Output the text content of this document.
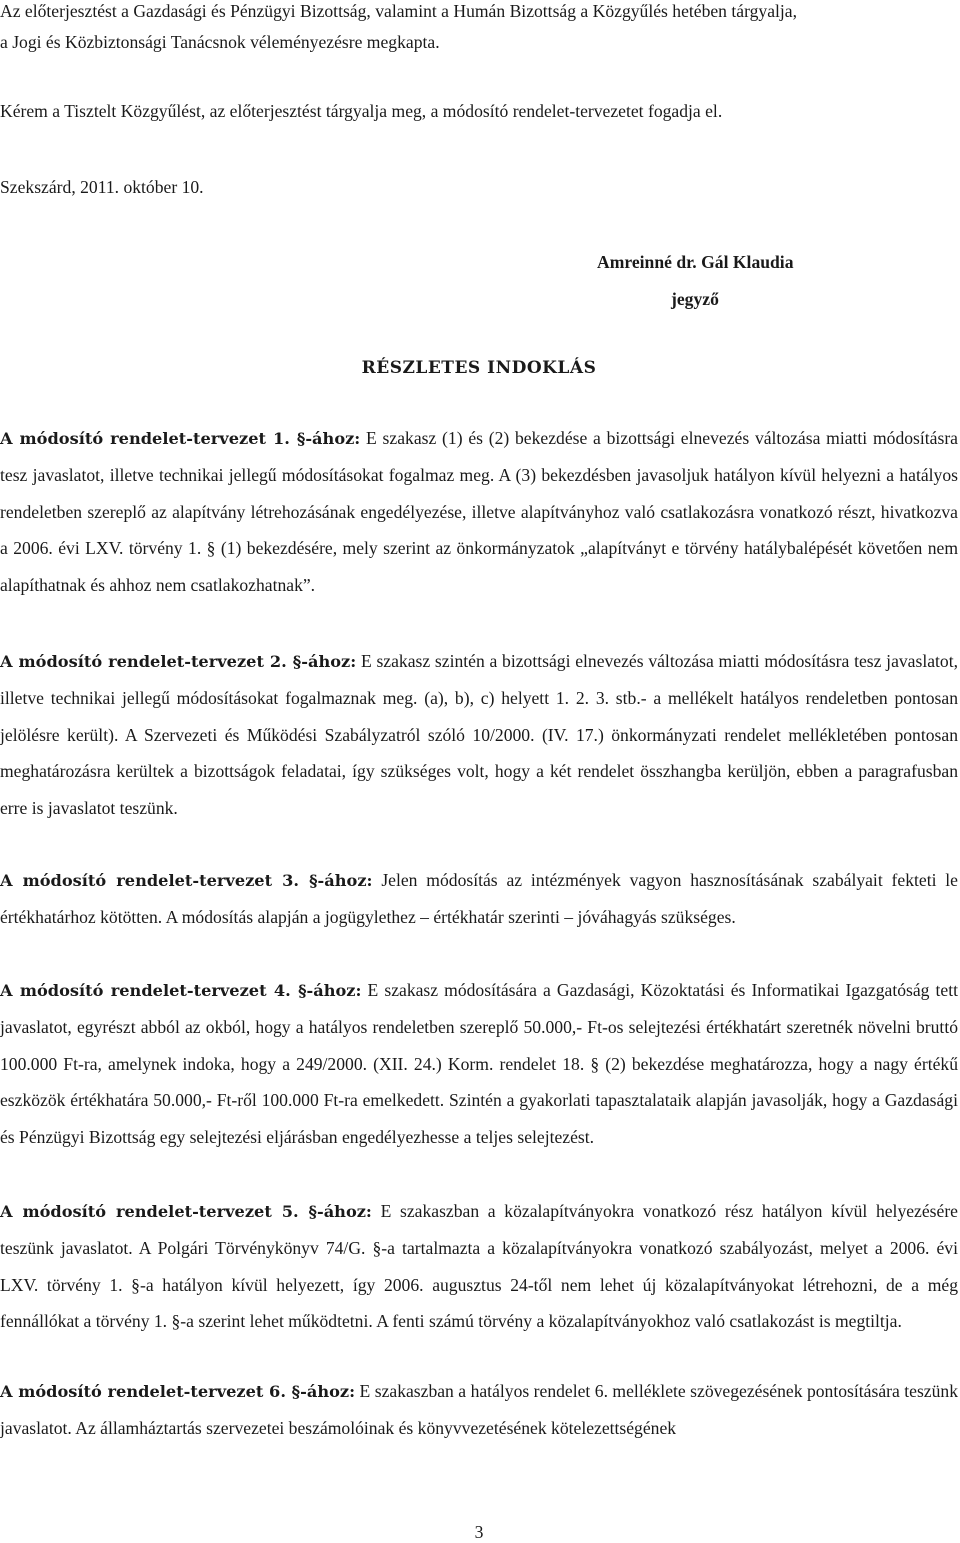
Az előterjesztést a Gazdasági és Pénzügyi Bizottság, valamint a Humán Bizottság a Közgyűlés hetében tárgyalja,
a Jogi és Közbiztonsági Tanácsnok véleményezésre megkapta.

Kérem a Tisztelt Közgyűlést, az előterjesztést tárgyalja meg, a módosító rendelet-tervezetet fogadja el.

Szekszárd, 2011. október 10.

Amreinné dr. Gál Klaudia

jegyző

RÉSZLETES INDOKLÁS

A módosító rendelet-tervezet 1. §-ához: E szakasz (1) és (2) bekezdése a bizottsági elnevezés változása miatti módosításra tesz javaslatot, illetve technikai jellegű módosításokat fogalmaz meg. A (3) bekezdésben javasoljuk hatályon kívül helyezni a hatályos rendeletben szereplő az alapítvány létrehozásának engedélyezése, illetve alapítványhoz való csatlakozásra vonatkozó részt, hivatkozva a 2006. évi LXV. törvény 1. § (1) bekezdésére, mely szerint az önkormányzatok „alapítványt e törvény hatálybalépését követően nem alapíthatnak és ahhoz nem csatlakozhatnak”.

A módosító rendelet-tervezet 2. §-ához: E szakasz szintén a bizottsági elnevezés változása miatti módosításra tesz javaslatot, illetve technikai jellegű módosításokat fogalmaznak meg. (a), b), c) helyett 1. 2. 3. stb.- a mellékelt hatályos rendeletben pontosan jelölésre került). A Szervezeti és Működési Szabályzatról szóló 10/2000. (IV. 17.) önkormányzati rendelet mellékletében pontosan meghatározásra kerültek a bizottságok feladatai, így szükséges volt, hogy a két rendelet összhangba kerüljön, ebben a paragrafusban erre is javaslatot teszünk.

A módosító rendelet-tervezet 3. §-ához: Jelen módosítás az intézmények vagyon hasznosításának szabályait fekteti le értékhatárhoz kötötten. A módosítás alapján a jogügylethez – értékhatár szerinti – jóváhagyás szükséges.

A módosító rendelet-tervezet 4. §-ához: E szakasz módosítására a Gazdasági, Közoktatási és Informatikai Igazgatóság tett javaslatot, egyrészt abból az okból, hogy a hatályos rendeletben szereplő 50.000,- Ft-os selejtezési értékhatárt szeretnék növelni bruttó 100.000 Ft-ra, amelynek indoka, hogy a 249/2000. (XII. 24.) Korm. rendelet 18. § (2) bekezdése meghatározza, hogy a nagy értékű eszközök értékhatára 50.000,- Ft-ről 100.000 Ft-ra emelkedett. Szintén a gyakorlati tapasztalataik alapján javasolják, hogy a Gazdasági és Pénzügyi Bizottság egy selejtezési eljárásban engedélyezhesse a teljes selejtezést.

A módosító rendelet-tervezet 5. §-ához: E szakaszban a közalapítványokra vonatkozó rész hatályon kívül helyezésére teszünk javaslatot. A Polgári Törvénykönyv 74/G. §-a tartalmazta a közalapítványokra vonatkozó szabályozást, melyet a 2006. évi LXV. törvény 1. §-a hatályon kívül helyezett, így 2006. augusztus 24-től nem lehet új közalapítványokat létrehozni, de a még fennállókat a törvény 1. §-a szerint lehet működtetni. A fenti számú törvény a közalapítványokhoz való csatlakozást is megtiltja.

A módosító rendelet-tervezet 6. §-ához: E szakaszban a hatályos rendelet 6. melléklete szövegezésének pontosítására teszünk javaslatot. Az államháztartás szervezetei beszámolóinak és könyvvezetésének kötelezettségének

3
